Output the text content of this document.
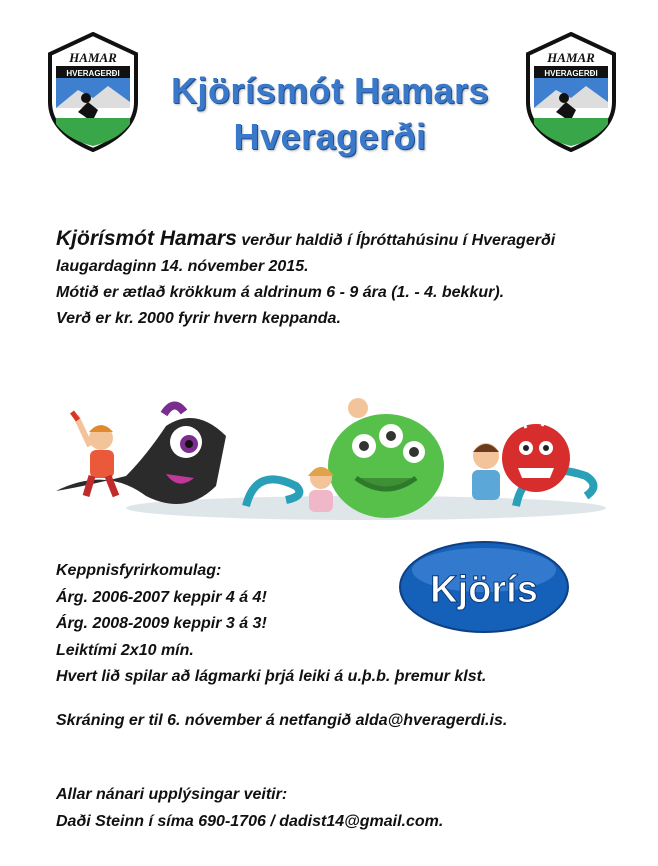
HAMAR
HVERAGERÐI
HAMAR
HVERAGERÐI
Kjörísmót Hamars
Hveragerði

Kjörísmót Hamars verður haldið í Íþróttahúsinu í Hveragerði

laugardaginn 14. nóvember 2015.

Mótið er ætlað krökkum á aldrinum 6 - 9 ára (1. - 4. bekkur).

Verð er kr. 2000 fyrir hvern keppanda.

Kjörís

Keppnisfyrirkomulag:

Árg. 2006-2007 keppir 4 á 4!

Árg. 2008-2009 keppir 3 á 3!

Leiktími 2x10 mín.

Hvert lið spilar að lágmarki þrjá leiki á u.þ.b. þremur klst.

Skráning er til 6. nóvember á netfangið alda@hveragerdi.is.

Allar nánari upplýsingar veitir:

Daði Steinn í síma 690-1706 / dadist14@gmail.com.
